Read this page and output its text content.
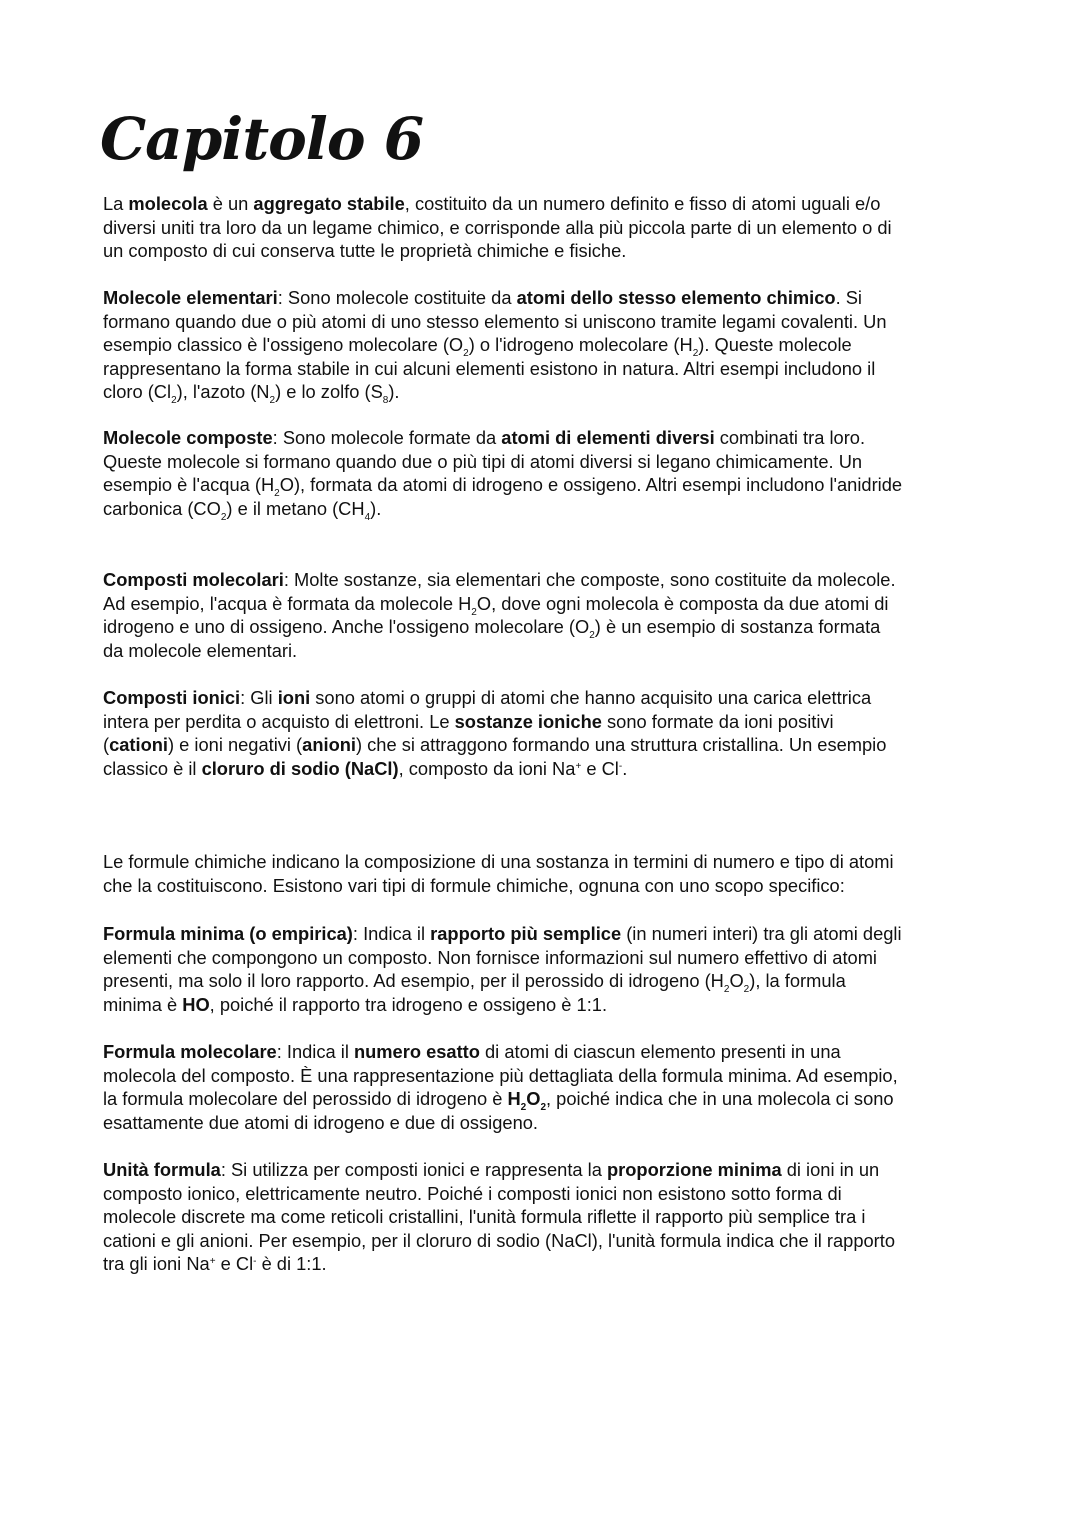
Capitolo 6
La molecola è un aggregato stabile, costituito da un numero definito e fisso di atomi uguali e/o
diversi uniti tra loro da un legame chimico, e corrisponde alla più piccola parte di un elemento o di
un composto di cui conserva tutte le proprietà chimiche e fisiche.
Molecole elementari: Sono molecole costituite da atomi dello stesso elemento chimico. Si
formano quando due o più atomi di uno stesso elemento si uniscono tramite legami covalenti. Un
esempio classico è l'ossigeno molecolare $(O_2)$ o l'idrogeno molecolare $(H_2)$. Queste molecole
rappresentano la forma stabile in cui alcuni elementi esistono in natura. Altri esempi includono il
cloro $(Cl_2)$, l'azoto $(N_2)$ e lo zolfo $(S_8)$.
Molecole composte: Sono molecole formate da atomi di elementi diversi combinati tra loro.
Queste molecole si formano quando due o più tipi di atomi diversi si legano chimicamente. Un
esempio è l'acqua $(H_2O)$, formata da atomi di idrogeno e ossigeno. Altri esempi includono l'anidride
carbonica $(CO_2)$ e il metano $(CH_4)$.
Composti molecolari: Molte sostanze, sia elementari che composte, sono costituite da molecole.
Ad esempio, l'acqua è formata da molecole $H_2O$, dove ogni molecola è composta da due atomi di
idrogeno e uno di ossigeno. Anche l'ossigeno molecolare $(O_2)$ è un esempio di sostanza formata
da molecole elementari.
Composti ionici: Gli ioni sono atomi o gruppi di atomi che hanno acquisito una carica elettrica
intera per perdita o acquisto di elettroni. Le sostanze ioniche sono formate da ioni positivi
(cationi) e ioni negativi (anioni) che si attraggono formando una struttura cristallina. Un esempio
classico è il cloruro di sodio (NaCl), composto da ioni Na+ e Cl-.
Le formule chimiche indicano la composizione di una sostanza in termini di numero e tipo di atomi
che la costituiscono. Esistono vari tipi di formule chimiche, ognuna con uno scopo specifico:
Formula minima (o empirica): Indica il rapporto più semplice (in numeri interi) tra gli atomi degli
elementi che compongono un composto. Non fornisce informazioni sul numero effettivo di atomi
presenti, ma solo il loro rapporto. Ad esempio, per il perossido di idrogeno $(H_2O_2)$, la formula
minima è HO, poiché il rapporto tra idrogeno e ossigeno è 1:1.
Formula molecolare: Indica il numero esatto di atomi di ciascun elemento presenti in una
molecola del composto. È una rappresentazione più dettagliata della formula minima. Ad esempio,
la formula molecolare del perossido di idrogeno è $H_2O_2$, poiché indica che in una molecola ci sono
esattamente due atomi di idrogeno e due di ossigeno.
Unità formula: Si utilizza per composti ionici e rappresenta la proporzione minima di ioni in un
composto ionico, elettricamente neutro. Poiché i composti ionici non esistono sotto forma di
molecole discrete ma come reticoli cristallini, l'unità formula riflette il rapporto più semplice tra i
cationi e gli anioni. Per esempio, per il cloruro di sodio (NaCl), l'unità formula indica che il rapporto
tra gli ioni Na+ e Cl- è di 1:1.
